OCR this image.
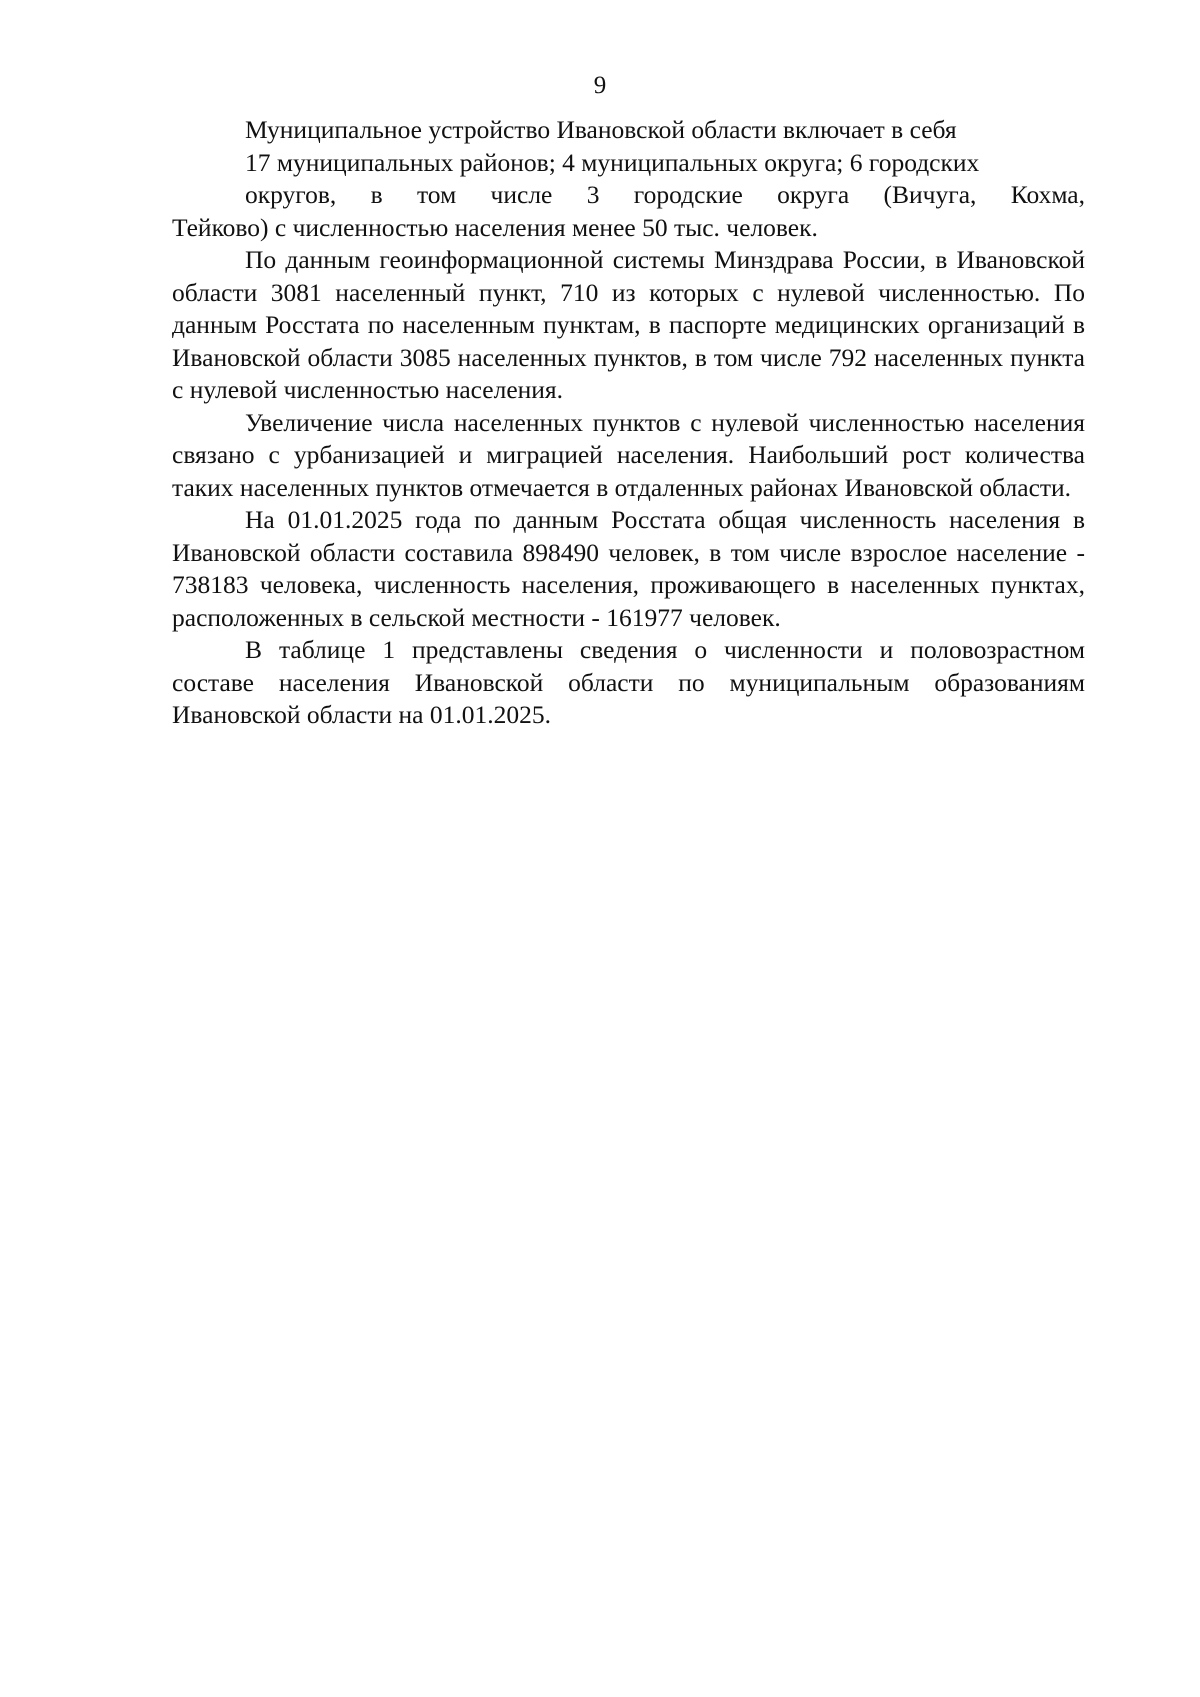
9
Муниципальное устройство Ивановской области включает в себя
17 муниципальных районов; 4 муниципальных округа; 6 городских
округов, в том числе 3 городские округа (Вичуга, Кохма,
Тейково) с численностью населения менее 50 тыс. человек.

По данным геоинформационной системы Минздрава России, в Ивановской области 3081 населенный пункт, 710 из которых с нулевой численностью. По данным Росстата по населенным пунктам, в паспорте медицинских организаций в Ивановской области 3085 населенных пунктов, в том числе 792 населенных пункта с нулевой численностью населения.

Увеличение числа населенных пунктов с нулевой численностью населения связано с урбанизацией и миграцией населения. Наибольший рост количества таких населенных пунктов отмечается в отдаленных районах Ивановской области.

На 01.01.2025 года по данным Росстата общая численность населения в Ивановской области составила 898490 человек, в том числе взрослое население - 738183 человека, численность населения, проживающего в населенных пунктах, расположенных в сельской местности - 161977 человек.

В таблице 1 представлены сведения о численности и половозрастном составе населения Ивановской области по муниципальным образованиям Ивановской области на 01.01.2025.
